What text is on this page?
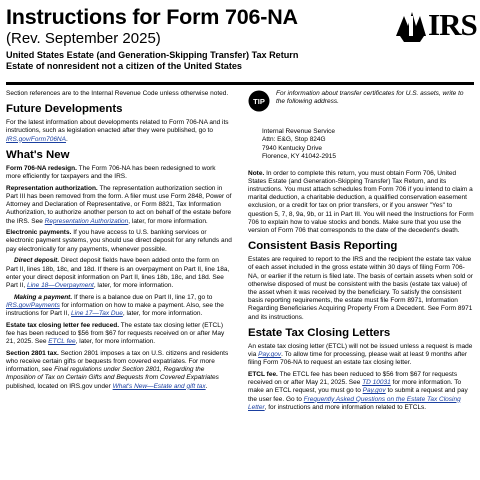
Instructions for Form 706-NA
(Rev. September 2025)
United States Estate (and Generation-Skipping Transfer) Tax Return
Estate of nonresident not a citizen of the United States
IRS

Section references are to the Internal Revenue Code unless otherwise noted.

Future Developments

For the latest information about developments related to Form 706-NA and its instructions, such as legislation enacted after they were published, go to IRS.gov/Form706NA.

What's New

Form 706-NA redesign. The Form 706-NA has been redesigned to work more efficiently for taxpayers and the IRS.

Representation authorization. The representation authorization section in Part III has been removed from the form. A filer must use Form 2848, Power of Attorney and Declaration of Representative, or Form 8821, Tax Information Authorization, to authorize another person to act on behalf of the estate before the IRS. See Representation Authorization, later, for more information.

Electronic payments. If you have access to U.S. banking services or electronic payment systems, you should use direct deposit for any refunds and pay electronically for any payments, whenever possible.

Direct deposit. Direct deposit fields have been added onto the form on Part II, lines 18b, 18c, and 18d. If there is an overpayment on Part II, line 18a, enter your direct deposit information on Part II, lines 18b, 18c, and 18d. See Part II, Line 18—Overpayment, later, for more information.

Making a payment. If there is a balance due on Part II, line 17, go to IRS.gov/Payments for information on how to make a payment. Also, see the instructions for Part II, Line 17—Tax Due, later, for more information.

Estate tax closing letter fee reduced. The estate tax closing letter (ETCL) fee has been reduced to $56 from $67 for requests received on or after May 21, 2025. See ETCL fee, later, for more information.

Section 2801 tax. Section 2801 imposes a tax on U.S. citizens and residents who receive certain gifts or bequests from covered expatriates. For more information, see Final regulations under Section 2801, Regarding the Imposition of Tax on Certain Gifts and Bequests from Covered Expatriates published, located on IRS.gov under What's New—Estate and gift tax.

TIP
For information about transfer certificates for U.S. assets, write to the following address.
Internal Revenue Service
Attn: E&G, Stop 824G
7940 Kentucky Drive
Florence, KY 41042-2915

Note. In order to complete this return, you must obtain Form 706, United States Estate (and Generation-Skipping Transfer) Tax Return, and its instructions. You must attach schedules from Form 706 if you intend to claim a marital deduction, a charitable deduction, a qualified conservation easement exclusion, or a credit for tax on prior transfers, or if you answer "Yes" to question 5, 7, 8, 9a, 9b, or 11 in Part III. You will need the Instructions for Form 706 to explain how to value stocks and bonds. Make sure that you use the version of Form 706 that corresponds to the date of the decedent's death.

Consistent Basis Reporting

Estates are required to report to the IRS and the recipient the estate tax value of each asset included in the gross estate within 30 days of filing Form 706-NA, or earlier if the return is filed late. The basis of certain assets when sold or otherwise disposed of must be consistent with the basis (estate tax value) of the asset when it was received by the beneficiary. To satisfy the consistent basis reporting requirements, the estate must file Form 8971, Information Regarding Beneficiaries Acquiring Property From a Decedent. See Form 8971 and its instructions.

Estate Tax Closing Letters

An estate tax closing letter (ETCL) will not be issued unless a request is made via Pay.gov. To allow time for processing, please wait at least 9 months after filing Form 706-NA to request an estate tax closing letter.

ETCL fee. The ETCL fee has been reduced to $56 from $67 for requests received on or after May 21, 2025. See TD 10031 for more information. To make an ETCL request, you must go to Pay.gov to submit a request and pay the user fee. Go to Frequently Asked Questions on the Estate Tax Closing Letter, for instructions and more information related to ETCLs.
